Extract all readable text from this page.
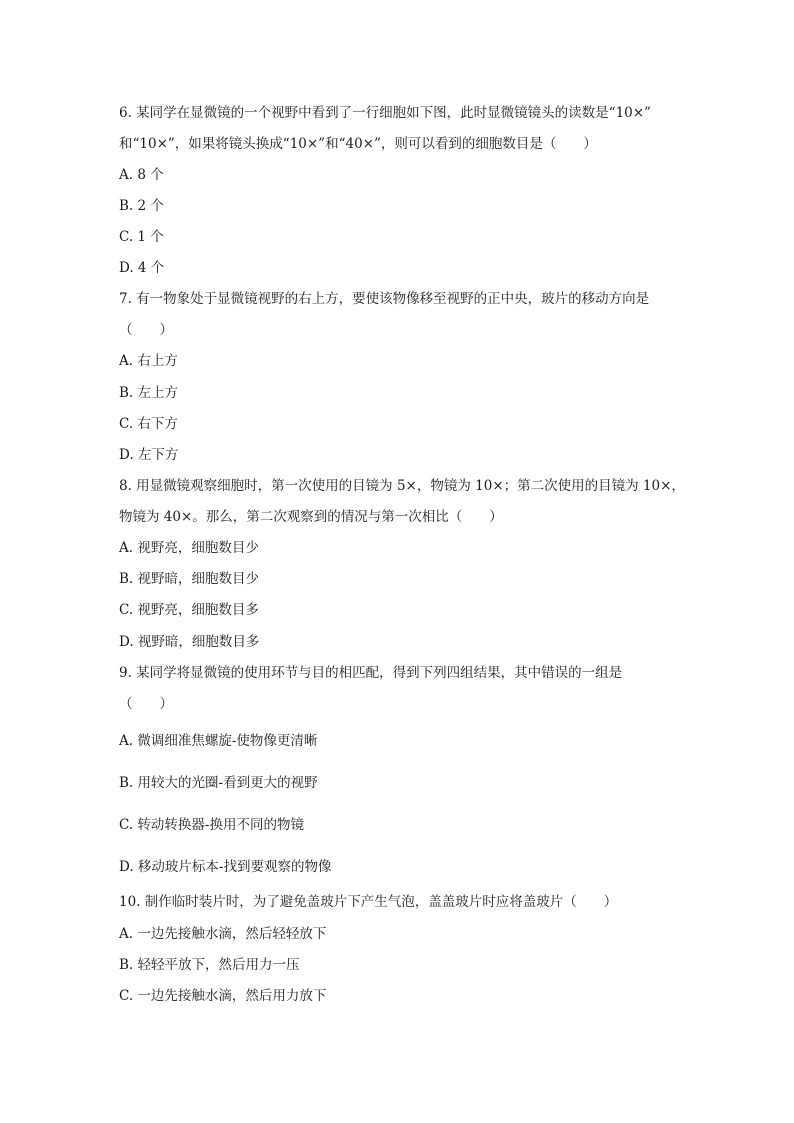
6. 某同学在显微镜的一个视野中看到了一行细胞如下图，此时显微镜镜头的读数是“10×”
和“10×”，如果将镜头换成“10×”和“40×”，则可以看到的细胞数目是（　　）
A. 8 个
B. 2 个
C. 1 个
D. 4 个
7. 有一物象处于显微镜视野的右上方，要使该物像移至视野的正中央，玻片的移动方向是
（　　）
A. 右上方
B. 左上方
C. 右下方
D. 左下方
8. 用显微镜观察细胞时，第一次使用的目镜为 5×，物镜为 10×；第二次使用的目镜为 10×，
物镜为 40×。那么，第二次观察到的情况与第一次相比（　　）
A. 视野亮，细胞数目少
B. 视野暗，细胞数目少
C. 视野亮，细胞数目多
D. 视野暗，细胞数目多
9. 某同学将显微镜的使用环节与目的相匹配，得到下列四组结果，其中错误的一组是
（　　）
A. 微调细准焦螺旋-使物像更清晰
B. 用较大的光圈-看到更大的视野
C. 转动转换器-换用不同的物镜
D. 移动玻片标本-找到要观察的物像
10. 制作临时装片时，为了避免盖玻片下产生气泡，盖盖玻片时应将盖玻片（　　）
A. 一边先接触水滴，然后轻轻放下
B. 轻轻平放下，然后用力一压
C. 一边先接触水滴，然后用力放下
